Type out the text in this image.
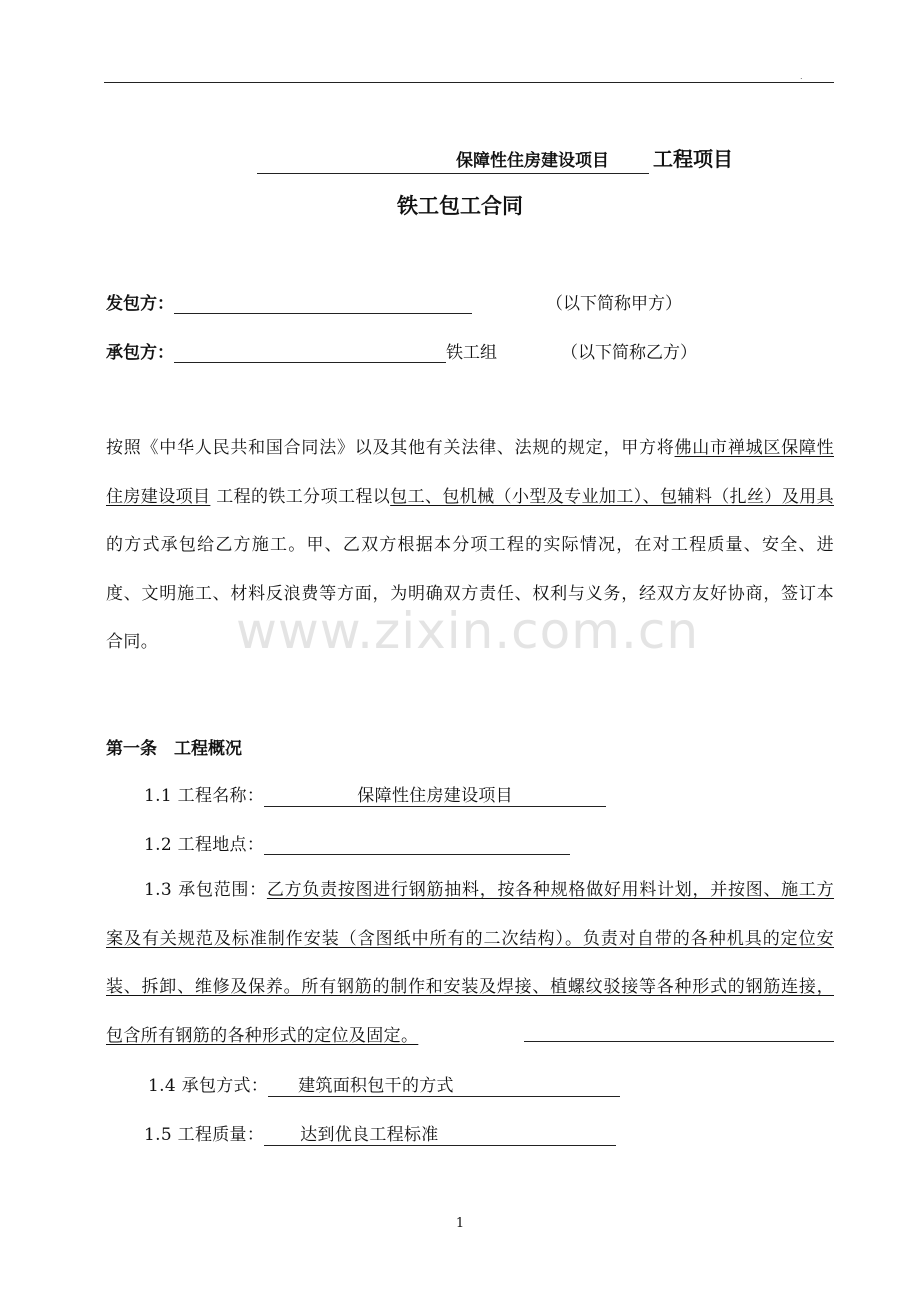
.
保障性住房建设项目 工程项目
铁工包工合同
发包方：	（以下简称甲方）
承包方：	铁工组	（以下简称乙方）
www.zixin.com.cn
按照《中华人民共和国合同法》以及其他有关法律、法规的规定，甲方将佛山市禅城区保障性住房建设项目 工程的铁工分项工程以包工、包机械（小型及专业加工）、包辅料（扎丝）及用具 的方式承包给乙方施工。甲、乙双方根据本分项工程的实际情况，在对工程质量、安全、进度、文明施工、材料反浪费等方面，为明确双方责任、权利与义务，经双方友好协商，签订本合同。
第一条　工程概况
1.1 工程名称：	保障性住房建设项目
1.2 工程地点：
1.3 承包范围：乙方负责按图进行钢筋抽料，按各种规格做好用料计划，并按图、施工方案及有关规范及标准制作安装（含图纸中所有的二次结构）。负责对自带的各种机具的定位安装、拆卸、维修及保养。所有钢筋的制作和安装及焊接、植螺纹驳接等各种形式的钢筋连接，包含所有钢筋的各种形式的定位及固定。
1.4 承包方式： 建筑面积包干的方式
1.5 工程质量： 达到优良工程标准
1
